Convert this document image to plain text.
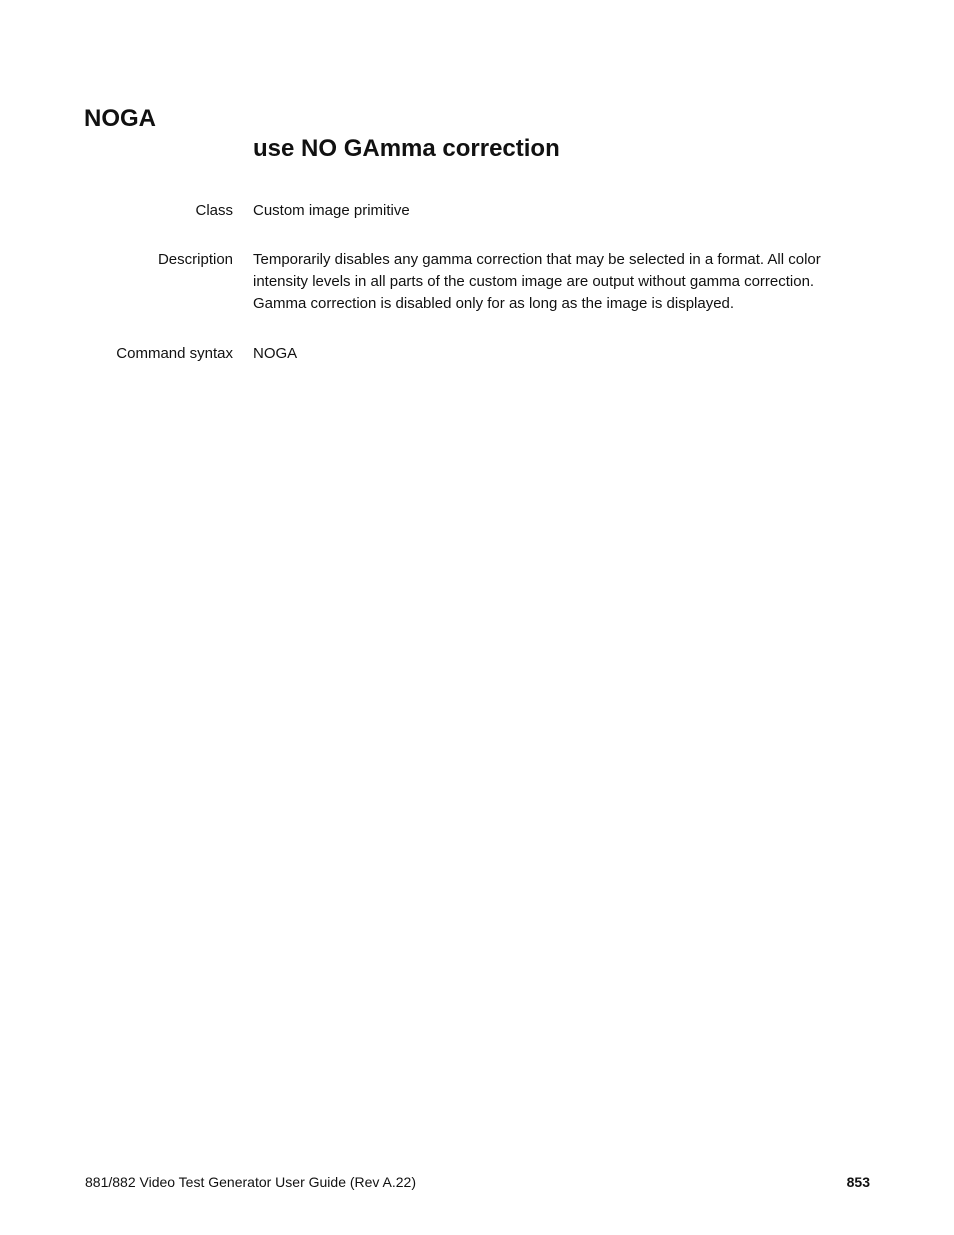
NOGA
use NO GAmma correction
Class Custom image primitive
Description Temporarily disables any gamma correction that may be selected in a format. All color
intensity levels in all parts of the custom image are output without gamma correction.
Gamma correction is disabled only for as long as the image is displayed.
Command syntax NOGA
881/882 Video Test Generator User Guide (Rev A.22)	853
